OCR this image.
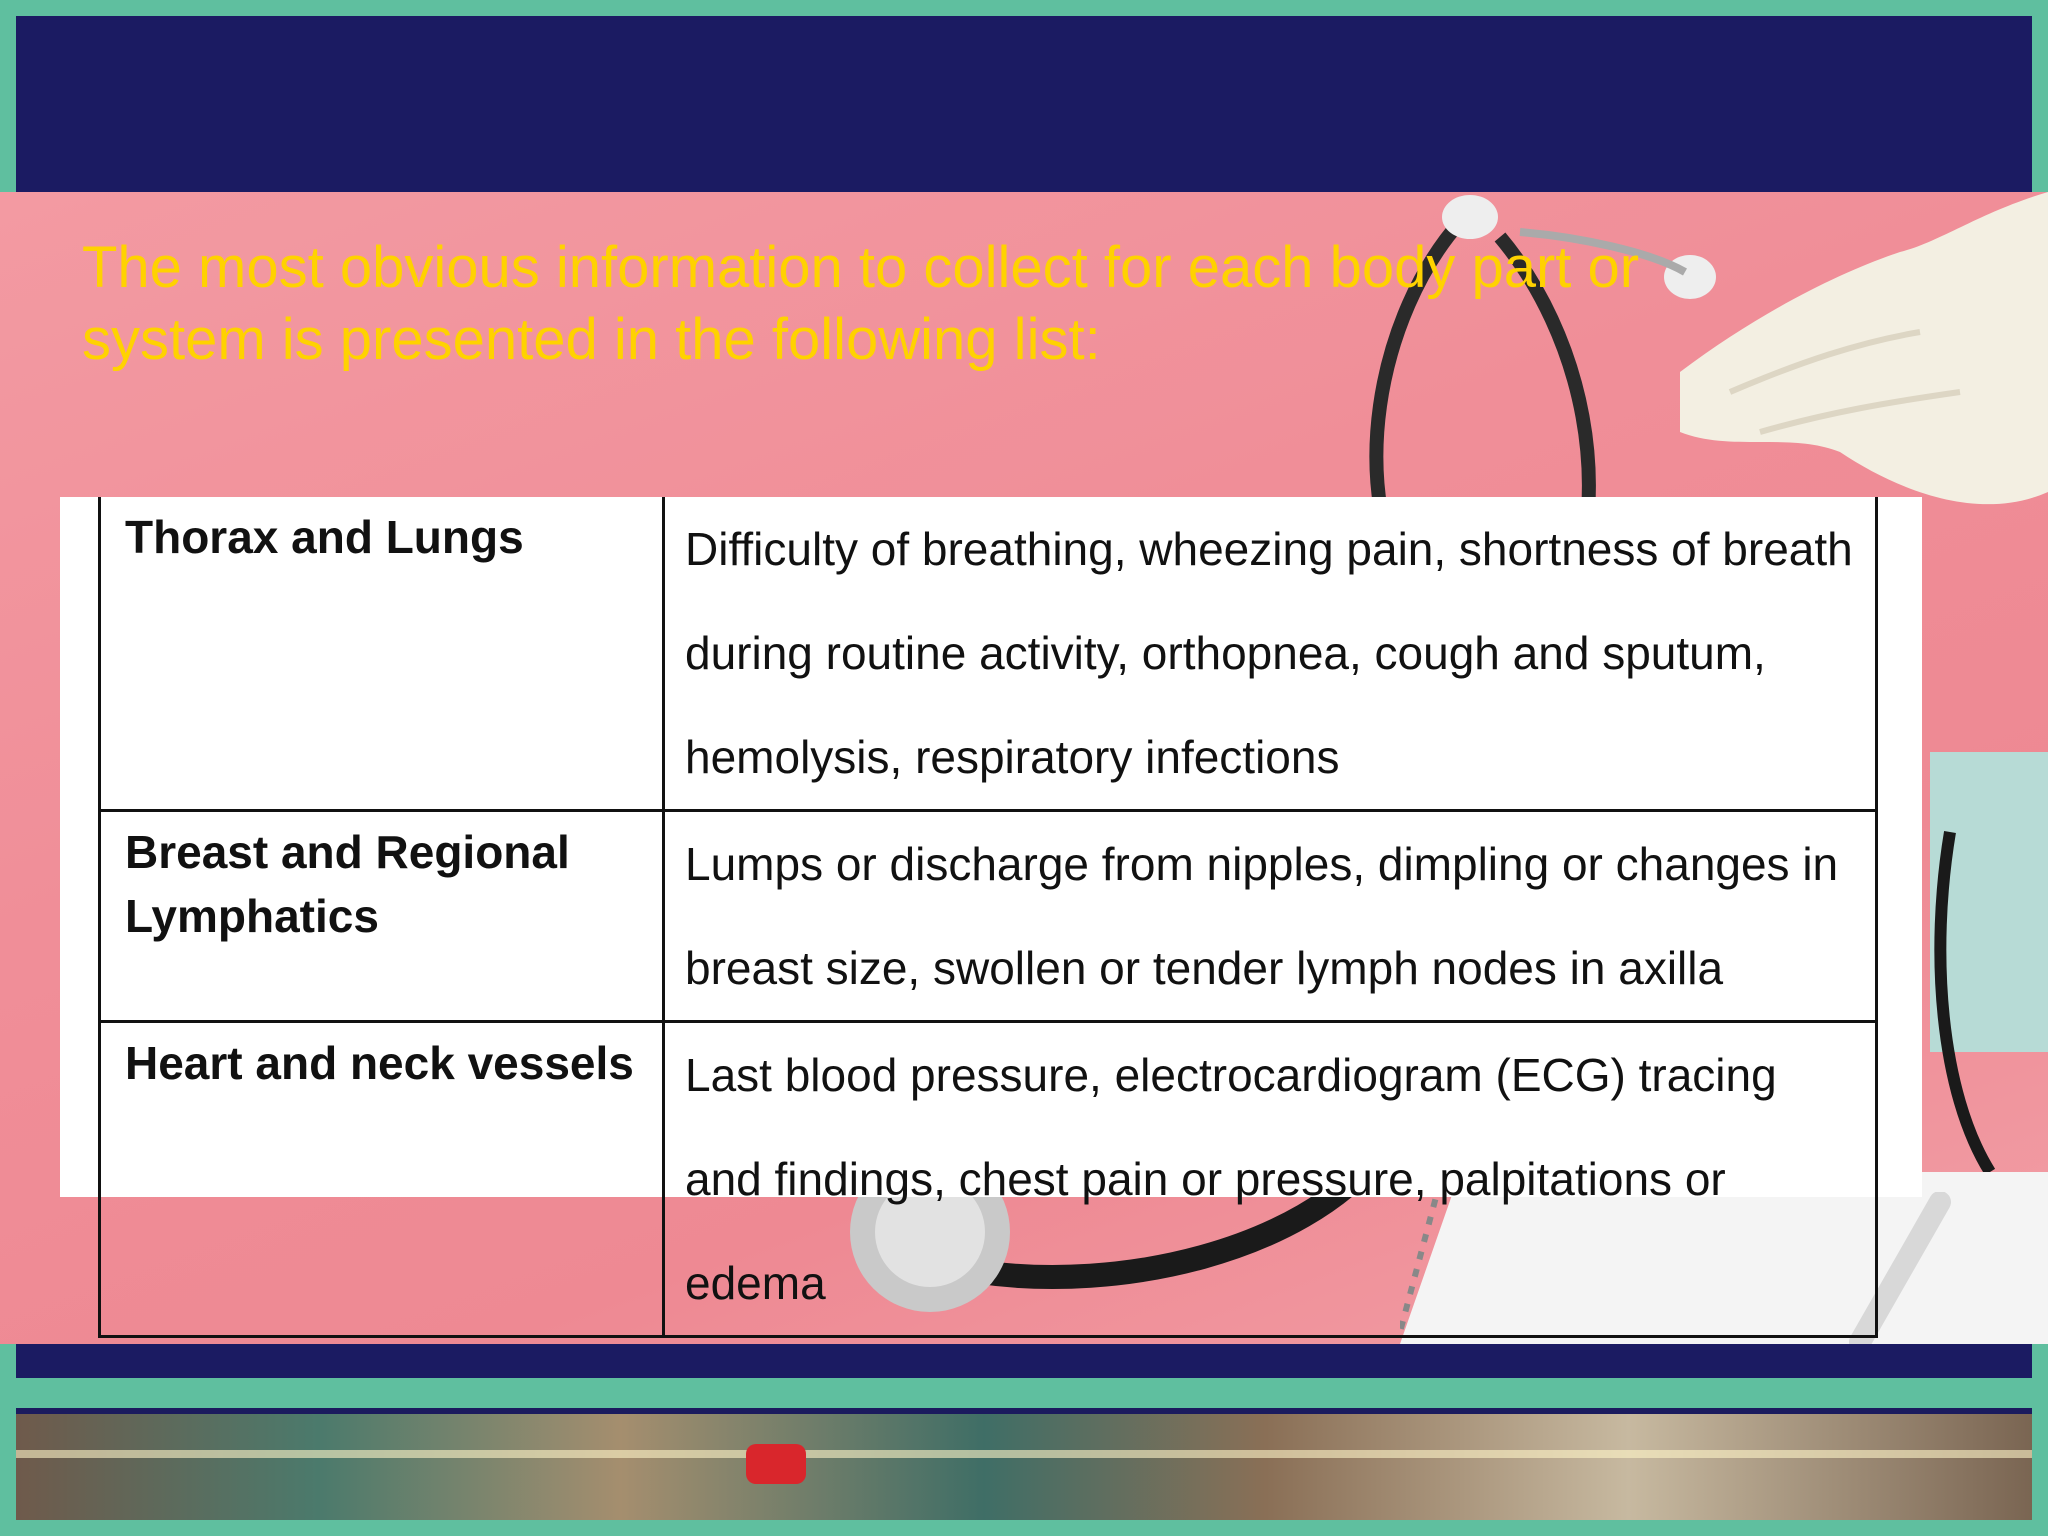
The most obvious information to collect for each body part or system is presented in the following list:
Thorax and Lungs	Difficulty of breathing, wheezing pain, shortness of breath during routine activity, orthopnea, cough and sputum, hemolysis, respiratory infections
Breast and Regional Lymphatics	Lumps or discharge from nipples, dimpling or changes in breast size, swollen or tender lymph nodes in axilla
Heart and neck vessels	Last blood pressure, electrocardiogram (ECG) tracing and findings, chest pain or pressure, palpitations or edema
